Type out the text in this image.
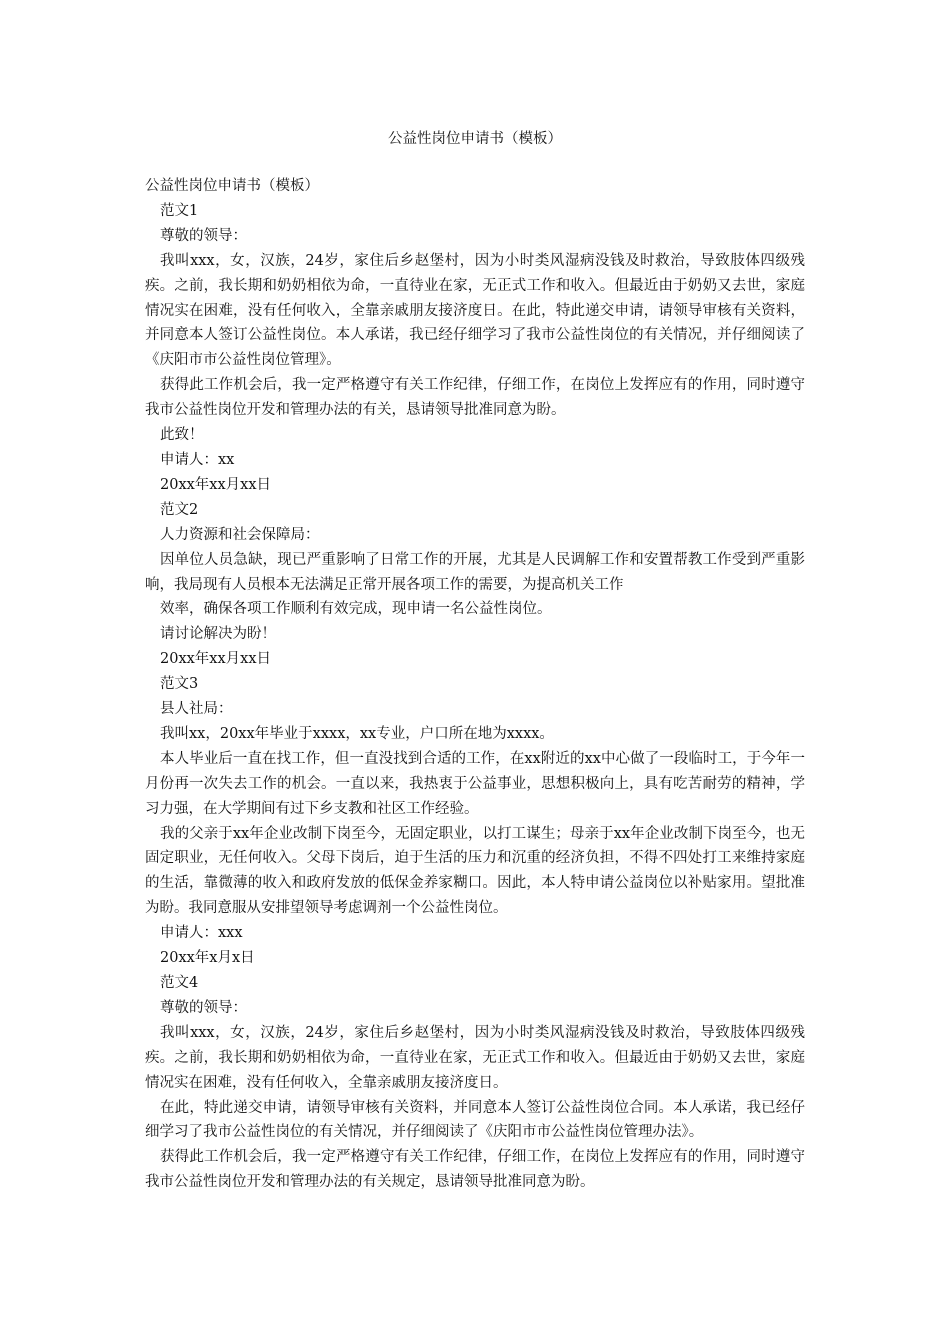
公益性岗位申请书（模板）

公益性岗位申请书（模板）

范文1

尊敬的领导：

我叫xxx，女，汉族，24岁，家住后乡赵堡村，因为小时类风湿病没钱及时救治，导致肢体四级残疾。之前，我长期和奶奶相依为命，一直待业在家，无正式工作和收入。但最近由于奶奶又去世，家庭情况实在困难，没有任何收入，全靠亲戚朋友接济度日。在此，特此递交申请，请领导审核有关资料，并同意本人签订公益性岗位。本人承诺，我已经仔细学习了我市公益性岗位的有关情况，并仔细阅读了《庆阳市市公益性岗位管理》。

获得此工作机会后，我一定严格遵守有关工作纪律，仔细工作，在岗位上发挥应有的作用，同时遵守我市公益性岗位开发和管理办法的有关，恳请领导批准同意为盼。

此致！

申请人：xx

20xx年xx月xx日

范文2

人力资源和社会保障局：

因单位人员急缺，现已严重影响了日常工作的开展，尤其是人民调解工作和安置帮教工作受到严重影响，我局现有人员根本无法满足正常开展各项工作的需要，为提高机关工作

效率，确保各项工作顺利有效完成，现申请一名公益性岗位。

请讨论解决为盼！

20xx年xx月xx日

范文3

县人社局：

我叫xx，20xx年毕业于xxxx，xx专业，户口所在地为xxxx。

本人毕业后一直在找工作，但一直没找到合适的工作，在xx附近的xx中心做了一段临时工，于今年一月份再一次失去工作的机会。一直以来，我热衷于公益事业，思想积极向上，具有吃苦耐劳的精神，学习力强，在大学期间有过下乡支教和社区工作经验。

我的父亲于xx年企业改制下岗至今，无固定职业，以打工谋生；母亲于xx年企业改制下岗至今，也无固定职业，无任何收入。父母下岗后，迫于生活的压力和沉重的经济负担，不得不四处打工来维持家庭的生活，靠微薄的收入和政府发放的低保金养家糊口。因此，本人特申请公益岗位以补贴家用。望批准为盼。我同意服从安排望领导考虑调剂一个公益性岗位。

申请人：xxx

20xx年x月x日

范文4

尊敬的领导：

我叫xxx，女，汉族，24岁，家住后乡赵堡村，因为小时类风湿病没钱及时救治，导致肢体四级残疾。之前，我长期和奶奶相依为命，一直待业在家，无正式工作和收入。但最近由于奶奶又去世，家庭情况实在困难，没有任何收入，全靠亲戚朋友接济度日。

在此，特此递交申请，请领导审核有关资料，并同意本人签订公益性岗位合同。本人承诺，我已经仔细学习了我市公益性岗位的有关情况，并仔细阅读了《庆阳市市公益性岗位管理办法》。

获得此工作机会后，我一定严格遵守有关工作纪律，仔细工作，在岗位上发挥应有的作用，同时遵守我市公益性岗位开发和管理办法的有关规定，恳请领导批准同意为盼。
